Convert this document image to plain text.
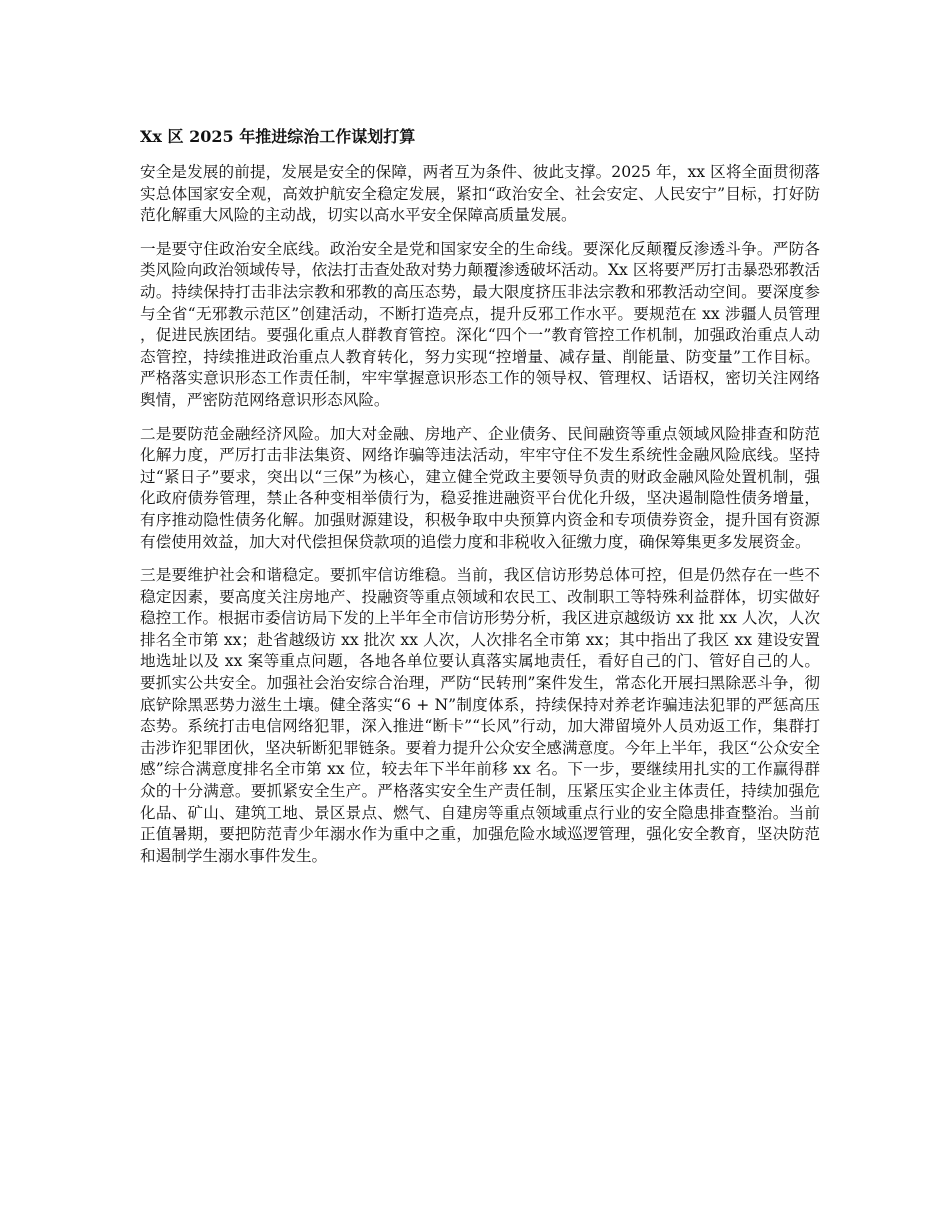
Xx 区 2025 年推进综治工作谋划打算

安全是发展的前提，发展是安全的保障，两者互为条件、彼此支撑。2025 年，xx 区将全面贯彻落实总体国家安全观，高效护航安全稳定发展，紧扣“政治安全、社会安定、人民安宁”目标，打好防范化解重大风险的主动战，切实以高水平安全保障高质量发展。

一是要守住政治安全底线。政治安全是党和国家安全的生命线。要深化反颠覆反渗透斗争。严防各类风险向政治领域传导，依法打击查处敌对势力颠覆渗透破坏活动。Xx 区将要严厉打击暴恐邪教活动。持续保持打击非法宗教和邪教的高压态势，最大限度挤压非法宗教和邪教活动空间。要深度参与全省“无邪教示范区”创建活动，不断打造亮点，提升反邪工作水平。要规范在 xx 涉疆人员管理，促进民族团结。要强化重点人群教育管控。深化“四个一”教育管控工作机制，加强政治重点人动态管控，持续推进政治重点人教育转化，努力实现“控增量、减存量、削能量、防变量”工作目标。严格落实意识形态工作责任制，牢牢掌握意识形态工作的领导权、管理权、话语权，密切关注网络舆情，严密防范网络意识形态风险。

二是要防范金融经济风险。加大对金融、房地产、企业债务、民间融资等重点领域风险排查和防范化解力度，严厉打击非法集资、网络诈骗等违法活动，牢牢守住不发生系统性金融风险底线。坚持过“紧日子”要求，突出以“三保”为核心，建立健全党政主要领导负责的财政金融风险处置机制，强化政府债券管理，禁止各种变相举债行为，稳妥推进融资平台优化升级，坚决遏制隐性债务增量，有序推动隐性债务化解。加强财源建设，积极争取中央预算内资金和专项债券资金，提升国有资源有偿使用效益，加大对代偿担保贷款项的追偿力度和非税收入征缴力度，确保筹集更多发展资金。

三是要维护社会和谐稳定。要抓牢信访维稳。当前，我区信访形势总体可控，但是仍然存在一些不稳定因素，要高度关注房地产、投融资等重点领域和农民工、改制职工等特殊利益群体，切实做好稳控工作。根据市委信访局下发的上半年全市信访形势分析，我区进京越级访 xx 批 xx 人次，人次排名全市第 xx；赴省越级访 xx 批次 xx 人次，人次排名全市第 xx；其中指出了我区 xx 建设安置地选址以及 xx 案等重点问题，各地各单位要认真落实属地责任，看好自己的门、管好自己的人。要抓实公共安全。加强社会治安综合治理，严防“民转刑”案件发生，常态化开展扫黑除恶斗争，彻底铲除黑恶势力滋生土壤。健全落实“6 + N”制度体系，持续保持对养老诈骗违法犯罪的严惩高压态势。系统打击电信网络犯罪，深入推进“断卡”“长风”行动，加大滞留境外人员劝返工作，集群打击涉诈犯罪团伙，坚决斩断犯罪链条。要着力提升公众安全感满意度。今年上半年，我区“公众安全感”综合满意度排名全市第 xx 位，较去年下半年前移 xx 名。下一步，要继续用扎实的工作赢得群众的十分满意。要抓紧安全生产。严格落实安全生产责任制，压紧压实企业主体责任，持续加强危化品、矿山、建筑工地、景区景点、燃气、自建房等重点领域重点行业的安全隐患排查整治。当前正值暑期，要把防范青少年溺水作为重中之重，加强危险水域巡逻管理，强化安全教育，坚决防范和遏制学生溺水事件发生。
